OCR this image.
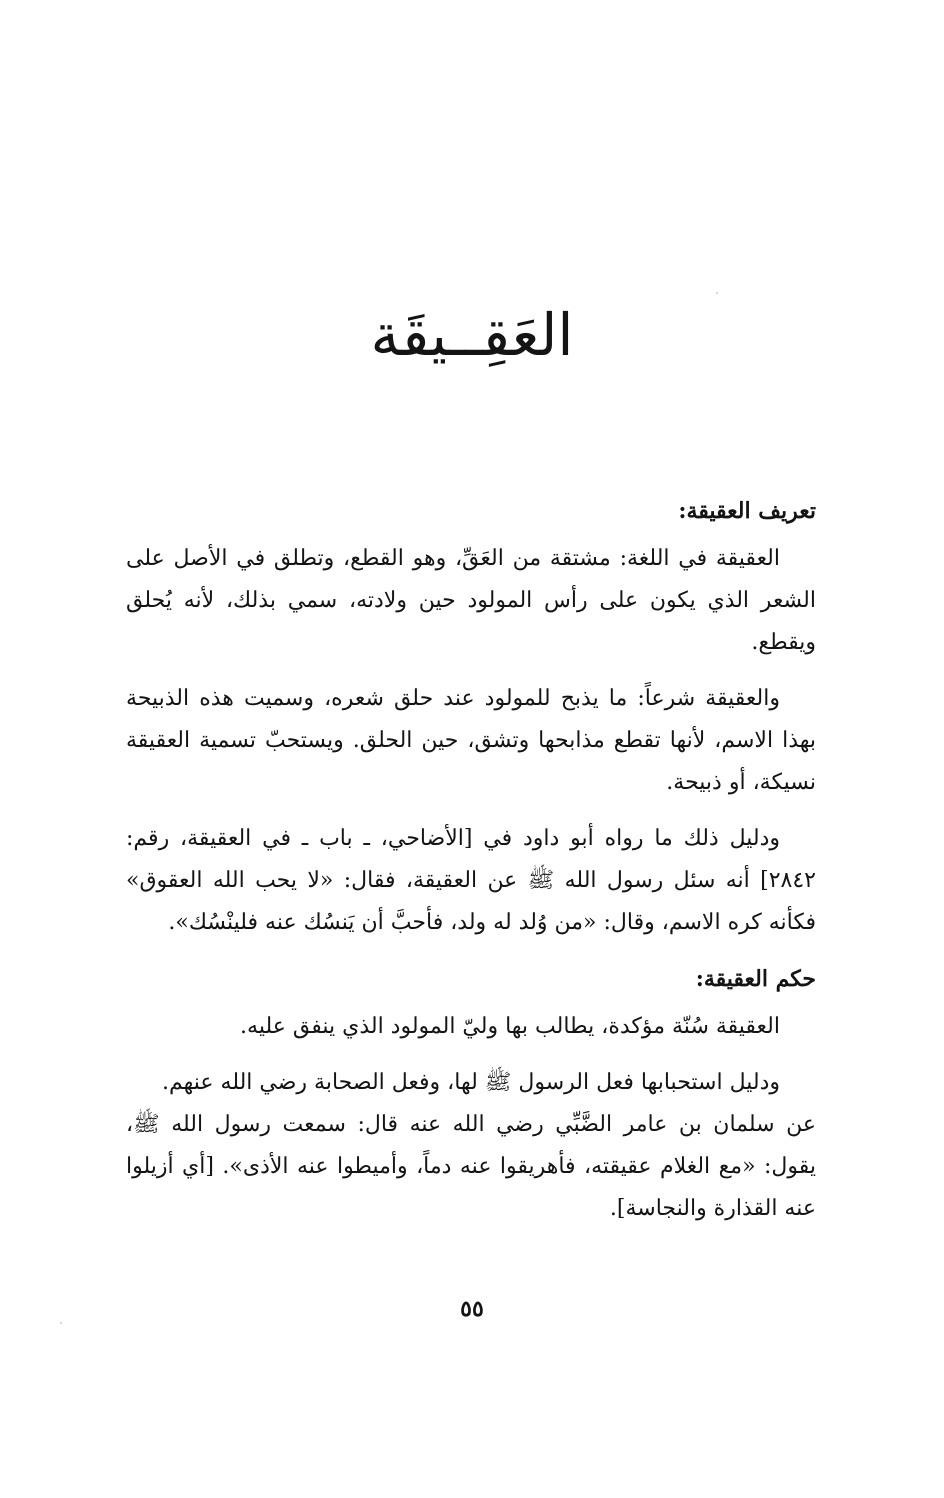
العَقِــيقَة

تعريف العقيقة:

العقيقة في اللغة: مشتقة من العَقِّ، وهو القطع، وتطلق في الأصل على الشعر الذي يكون على رأس المولود حين ولادته، سمي بذلك، لأنه يُحلق ويقطع.

والعقيقة شرعاً: ما يذبح للمولود عند حلق شعره، وسميت هذه الذبيحة بهذا الاسم، لأنها تقطع مذابحها وتشق، حين الحلق. ويستحبّ تسمية العقيقة نسيكة، أو ذبيحة.

ودليل ذلك ما رواه أبو داود في [الأضاحي، ـ باب ـ في العقيقة، رقم: ٢٨٤٢] أنه سئل رسول الله ﷺ عن العقيقة، فقال: «لا يحب الله العقوق» فكأنه كره الاسم، وقال: «من وُلد له ولد، فأحبَّ أن يَنسُك عنه فلينْسُك».

حكم العقيقة:

العقيقة سُنّة مؤكدة، يطالب بها وليّ المولود الذي ينفق عليه.

ودليل استحبابها فعل الرسول ﷺ لها، وفعل الصحابة رضي الله عنهم.

عن سلمان بن عامر الضَّبِّي رضي الله عنه قال: سمعت رسول الله ﷺ، يقول: «مع الغلام عقيقته، فأهريقوا عنه دماً، وأميطوا عنه الأذى». [أي أزيلوا عنه القذارة والنجاسة].

٥٥
